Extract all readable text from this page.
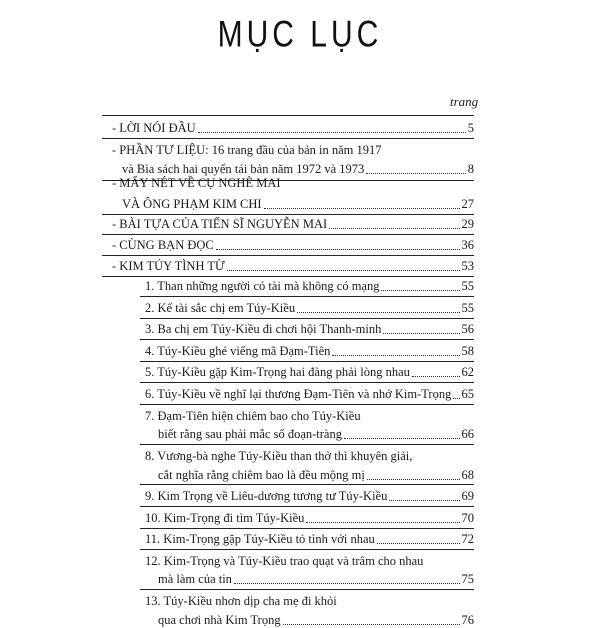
MỤC LỤC
trang
- LỜI NÓI ĐẦU	5
- PHẦN TƯ LIỆU: 16 trang đầu của bản in năm 1917
và Bìa sách hai quyển tái bản năm 1972 và 1973	8
- MẤY NÉT VỀ CỤ NGHÈ MAI
VÀ ÔNG PHẠM KIM CHI	27
- BÀI TỰA CỦA TIẾN SĨ NGUYỄN MAI	29
- CÙNG BẠN ĐỌC	36
- KIM TÚY TÌNH TỪ	53
1. Than những người có tài mà không có mạng	55
2. Kể tài sắc chị em Túy-Kiều	55
3. Ba chị em Túy-Kiều đi chơi hội Thanh-minh	56
4. Túy-Kiều ghé viếng mã Đạm-Tiên	58
5. Túy-Kiều gặp Kim-Trọng hai đàng phải lòng nhau	62
6. Túy-Kiều về nghĩ lại thương Đạm-Tiên và nhớ Kim-Trọng 65
7. Đạm-Tiên hiện chiêm bao cho Túy-Kiều
biết rằng sau phải mắc số đoạn-tràng	66
8. Vương-bà nghe Túy-Kiều than thở thì khuyên giải,
cắt nghĩa rằng chiêm bao là đều mộng mị	68
9. Kim Trọng về Liêu-dương tương tư Túy-Kiều	69
10. Kim-Trọng đi tìm Túy-Kiều	70
11. Kim-Trọng gặp Túy-Kiều tỏ tình với nhau	72
12. Kim-Trọng và Túy-Kiều trao quạt và trâm cho nhau
mà làm của tin	75
13. Túy-Kiều nhơn dịp cha mẹ đi khỏi
qua chơi nhà Kim Trọng	76
